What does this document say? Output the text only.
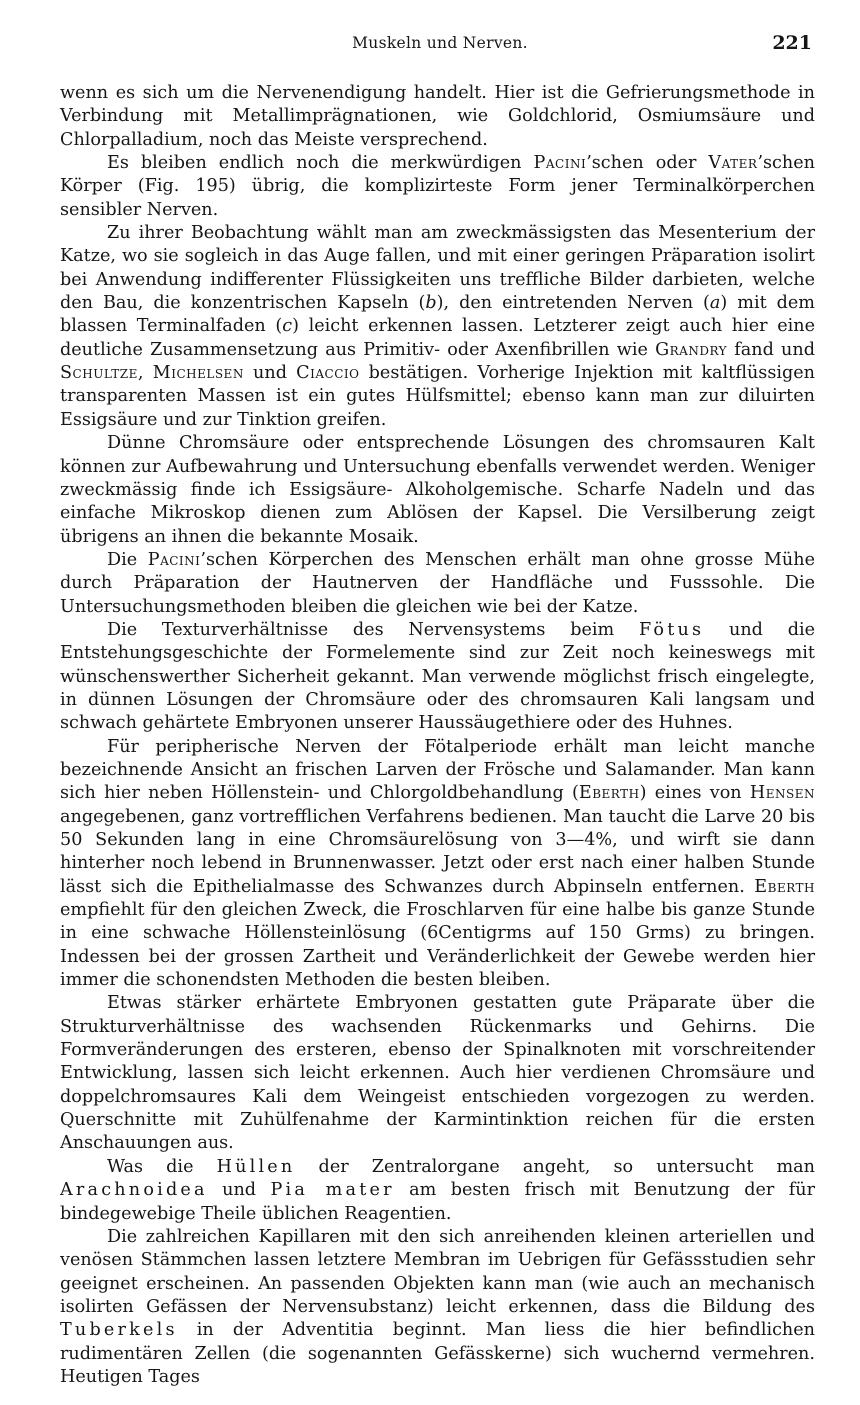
Muskeln und Nerven.	221

wenn es sich um die Nervenendigung handelt. Hier ist die Gefrierungsmethode in Verbindung mit Metallimprägnationen, wie Goldchlorid, Osmiumsäure und Chlorpalladium, noch das Meiste versprechend.

Es bleiben endlich noch die merkwürdigen Pacini’schen oder Vater’schen Körper (Fig. 195) übrig, die komplizirteste Form jener Terminalkörperchen sensibler Nerven.

Zu ihrer Beobachtung wählt man am zweckmässigsten das Mesenterium der Katze, wo sie sogleich in das Auge fallen, und mit einer geringen Präparation isolirt bei Anwendung indifferenter Flüssigkeiten uns treffliche Bilder darbieten, welche den Bau, die konzentrischen Kapseln (b), den eintretenden Nerven (a) mit dem blassen Terminalfaden (c) leicht erkennen lassen. Letzterer zeigt auch hier eine deutliche Zusammensetzung aus Primitiv- oder Axenfibrillen wie Grandry fand und Schultze, Michelsen und Ciaccio bestätigen. Vorherige Injektion mit kaltflüssigen transparenten Massen ist ein gutes Hülfsmittel; ebenso kann man zur diluirten Essigsäure und zur Tinktion greifen.

Dünne Chromsäure oder entsprechende Lösungen des chromsauren Kalt können zur Aufbewahrung und Untersuchung ebenfalls verwendet werden. Weniger zweckmässig finde ich Essigsäure- Alkoholgemische. Scharfe Nadeln und das einfache Mikroskop dienen zum Ablösen der Kapsel. Die Versilberung zeigt übrigens an ihnen die bekannte Mosaik.

Die Pacini’schen Körperchen des Menschen erhält man ohne grosse Mühe durch Präparation der Hautnerven der Handfläche und Fusssohle. Die Untersuchungsmethoden bleiben die gleichen wie bei der Katze.

Die Texturverhältnisse des Nervensystems beim Fötus und die Entstehungsgeschichte der Formelemente sind zur Zeit noch keineswegs mit wünschenswerther Sicherheit gekannt. Man verwende möglichst frisch eingelegte, in dünnen Lösungen der Chromsäure oder des chromsauren Kali langsam und schwach gehärtete Embryonen unserer Haussäugethiere oder des Huhnes.

Für peripherische Nerven der Fötalperiode erhält man leicht manche bezeichnende Ansicht an frischen Larven der Frösche und Salamander. Man kann sich hier neben Höllenstein- und Chlorgoldbehandlung (Eberth) eines von Hensen angegebenen, ganz vortrefflichen Verfahrens bedienen. Man taucht die Larve 20 bis 50 Sekunden lang in eine Chromsäurelösung von 3—4%, und wirft sie dann hinterher noch lebend in Brunnenwasser. Jetzt oder erst nach einer halben Stunde lässt sich die Epithelialmasse des Schwanzes durch Abpinseln entfernen. Eberth empfiehlt für den gleichen Zweck, die Froschlarven für eine halbe bis ganze Stunde in eine schwache Höllensteinlösung (6Centigrms auf 150 Grms) zu bringen. Indessen bei der grossen Zartheit und Veränderlichkeit der Gewebe werden hier immer die schonendsten Methoden die besten bleiben.

Etwas stärker erhärtete Embryonen gestatten gute Präparate über die Strukturverhältnisse des wachsenden Rückenmarks und Gehirns. Die Formveränderungen des ersteren, ebenso der Spinalknoten mit vorschreitender Entwicklung, lassen sich leicht erkennen. Auch hier verdienen Chromsäure und doppelchromsaures Kali dem Weingeist entschieden vorgezogen zu werden. Querschnitte mit Zuhülfenahme der Karmintinktion reichen für die ersten Anschauungen aus.

Was die Hüllen der Zentralorgane angeht, so untersucht man Arachnoidea und Pia mater am besten frisch mit Benutzung der für bindegewebige Theile üblichen Reagentien.

Die zahlreichen Kapillaren mit den sich anreihenden kleinen arteriellen und venösen Stämmchen lassen letztere Membran im Uebrigen für Gefässstudien sehr geeignet erscheinen. An passenden Objekten kann man (wie auch an mechanisch isolirten Gefässen der Nervensubstanz) leicht erkennen, dass die Bildung des Tuberkels in der Adventitia beginnt. Man liess die hier befindlichen rudimentären Zellen (die sogenannten Gefässkerne) sich wuchernd vermehren. Heutigen Tages
